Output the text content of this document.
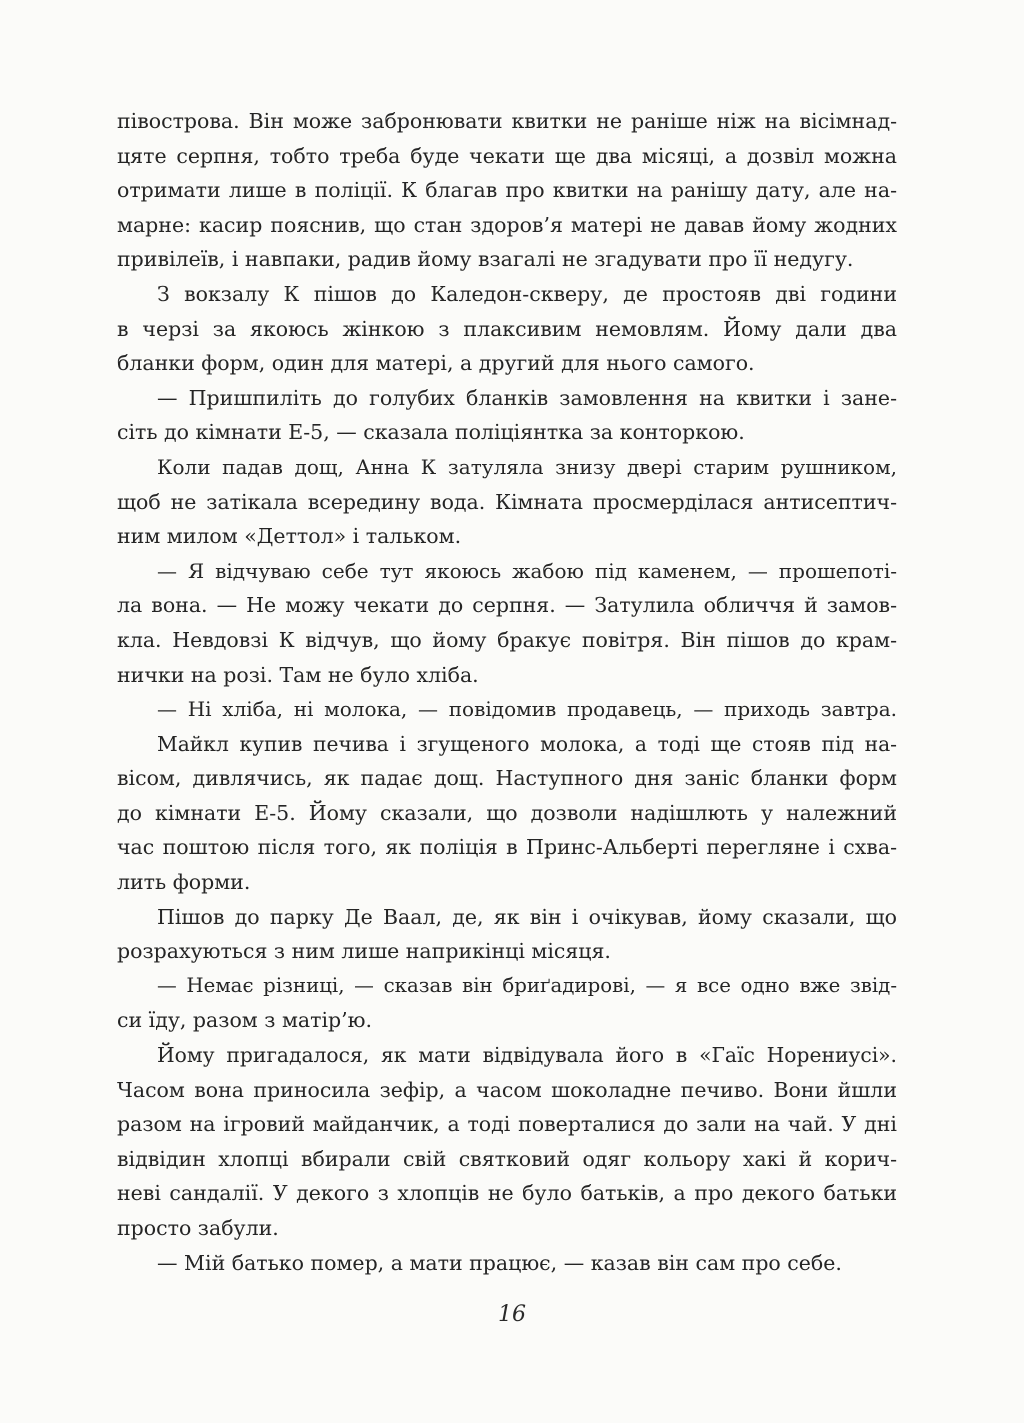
півострова. Він може забронювати квитки не раніше ніж на вісімнад-
цяте серпня, тобто треба буде чекати ще два місяці, а дозвіл можна
отримати лише в поліції. К благав про квитки на ранішу дату, але на-
марне: касир пояснив, що стан здоров’я матері не давав йому жодних
привілеїв, і навпаки, радив йому взагалі не згадувати про її недугу.
З вокзалу К пішов до Каледон-скверу, де простояв дві години
в черзі за якоюсь жінкою з плаксивим немовлям. Йому дали два
бланки форм, один для матері, а другий для нього самого.
— Пришпиліть до голубих бланків замовлення на квитки і зане-
сіть до кімнати Е-5, — сказала поліціянтка за конторкою.
Коли падав дощ, Анна К затуляла знизу двері старим рушником,
щоб не затікала всередину вода. Кімната просмерділася антисептич-
ним милом «Деттол» і тальком.
— Я відчуваю себе тут якоюсь жабою під каменем, — прошепоті-
ла вона. — Не можу чекати до серпня. — Затулила обличчя й замов-
кла. Невдовзі К відчув, що йому бракує повітря. Він пішов до крам-
нички на розі. Там не було хліба.
— Ні хліба, ні молока, — повідомив продавець, — приходь завтра.
Майкл купив печива і згущеного молока, а тоді ще стояв під на-
вісом, дивлячись, як падає дощ. Наступного дня заніс бланки форм
до кімнати Е-5. Йому сказали, що дозволи надішлють у належний
час поштою після того, як поліція в Принс-Альберті перегляне і схва-
лить форми.
Пішов до парку Де Ваал, де, як він і очікував, йому сказали, що
розрахуються з ним лише наприкінці місяця.
— Немає різниці, — сказав він бриґадирові, — я все одно вже звід-
си їду, разом з матір’ю.
Йому пригадалося, як мати відвідувала його в «Гаїс Норениусі».
Часом вона приносила зефір, а часом шоколадне печиво. Вони йшли
разом на ігровий майданчик, а тоді поверталися до зали на чай. У дні
відвідин хлопці вбирали свій святковий одяг кольору хакі й корич-
неві сандалії. У декого з хлопців не було батьків, а про декого батьки
просто забули.
— Мій батько помер, а мати працює, — казав він сам про себе.
16
